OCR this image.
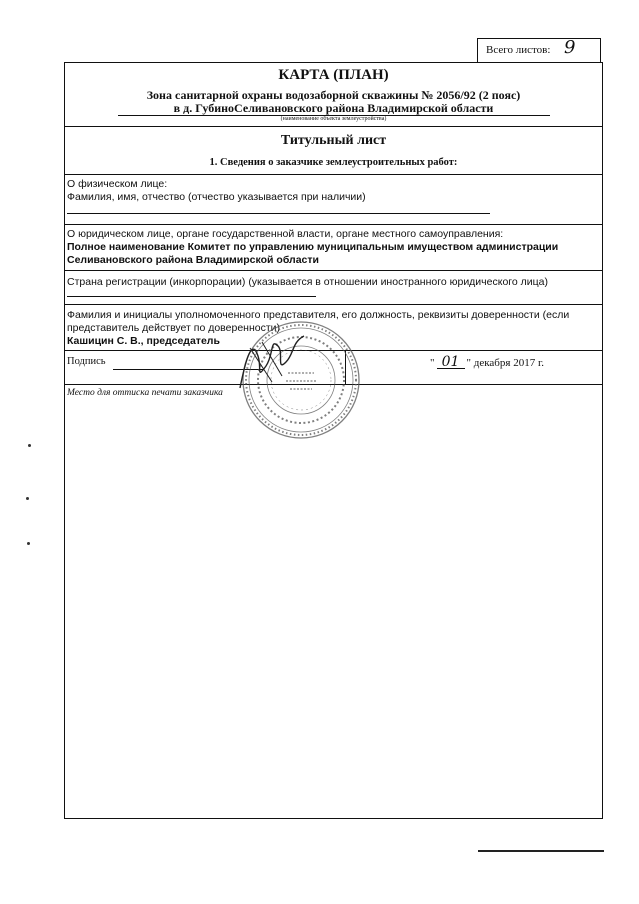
Всего листов: 9
КАРТА (ПЛАН)
Зона санитарной охраны водозаборной скважины № 2056/92 (2 пояс)
в д. ГубиноСеливановского района Владимирской области
(наименование объекта землеустройства)
Титульный лист
1. Сведения о заказчике землеустроительных работ:
О физическом лице:
Фамилия, имя, отчество (отчество указывается при наличии)
О юридическом лице, органе государственной власти, органе местного самоуправления:
Полное наименование Комитет по управлению муниципальным имуществом администрации
Селивановского района Владимирской области
Страна регистрации (инкорпорации) (указывается в отношении иностранного юридического лица)
Фамилия и инициалы уполномоченного представителя, его должность, реквизиты доверенности (если
представитель действует по доверенности)
Кашицин С. В., председатель
Подпись	" 01 " декабря 2017 г.
Место для оттиска печати заказчика
